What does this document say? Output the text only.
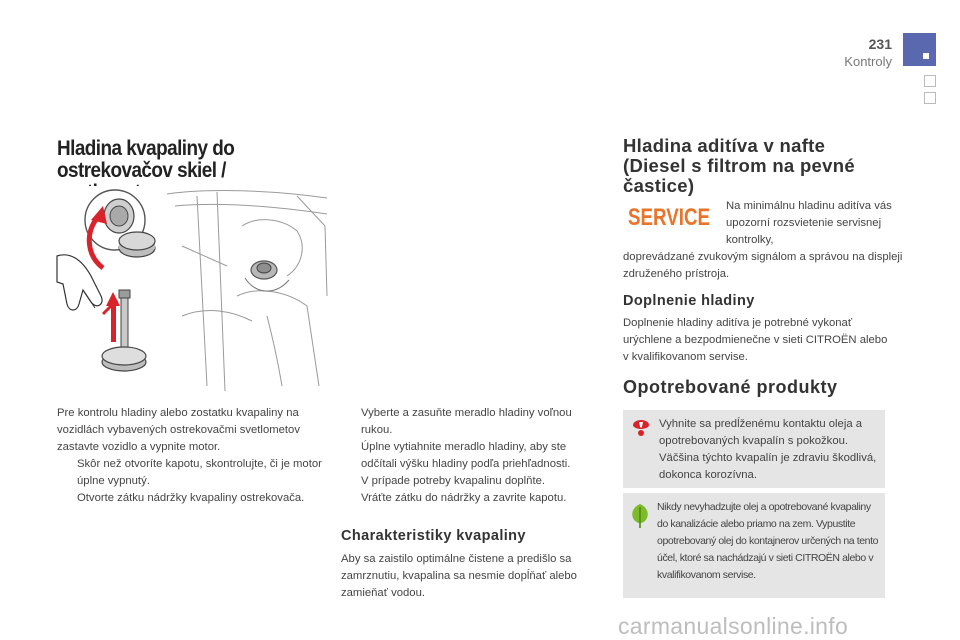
231
Kontroly
Hladina kvapaliny do ostrekovačov skiel /

Pre kontrolu hladiny alebo zostatku kvapaliny na vozidlách vybavených ostrekovačmi svetlometov zastavte vozidlo a vypnite motor.

Skôr než otvoríte kapotu, skontrolujte, či je motor úplne vypnutý.
Otvorte zátku nádržky kvapaliny ostrekovača.
Vyberte a zasuňte meradlo hladiny voľnou rukou.
Úplne vytiahnite meradlo hladiny, aby ste odčítali výšku hladiny podľa priehľadnosti.
V prípade potreby kvapalinu doplňte.
Vráťte zátku do nádržky a zavrite kapotu.
Charakteristiky kvapaliny

Aby sa zaistilo optimálne čistene a predišlo sa zamrznutiu, kvapalina sa nesmie dopĺňať alebo zamieňať vodou.

Hladina aditíva v nafte (Diesel s filtrom na pevné častice)
SERVICE Na minimálnu hladinu aditíva vás upozorní rozsvietenie servisnej kontrolky,

doprevádzané zvukovým signálom a správou na displeji združeného prístroja.

Doplnenie hladiny

Doplnenie hladiny aditíva je potrebné vykonať urýchlene a bezpodmienečne v sieti CITROËN alebo v kvalifikovanom servise.

Opotrebované produkty

Vyhnite sa predĺženému kontaktu oleja a opotrebovaných kvapalín s pokožkou. Väčšina týchto kvapalín je zdraviu škodlivá, dokonca korozívna.

Nikdy nevyhadzujte olej a opotrebované kvapaliny do kanalizácie alebo priamo na zem. Vypustite opotrebovaný olej do kontajnerov určených na tento účel, ktoré sa nachádzajú v sieti CITROËN alebo v kvalifikovanom servise.

carmanualsonline.info
